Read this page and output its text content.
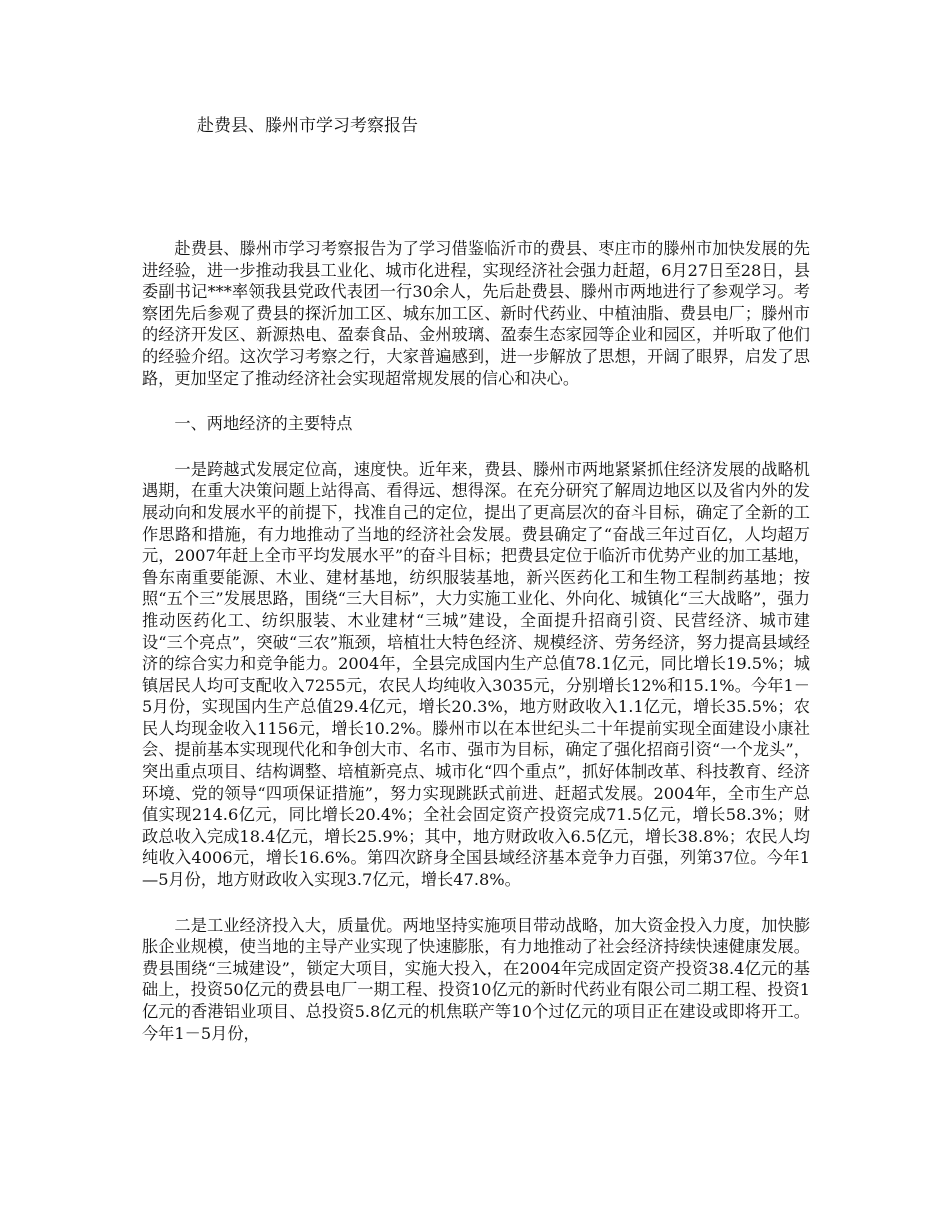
赴费县、滕州市学习考察报告

赴费县、滕州市学习考察报告为了学习借鉴临沂市的费县、枣庄市的滕州市加快发展的先进经验，进一步推动我县工业化、城市化进程，实现经济社会强力赶超，6月27日至28日，县委副书记***率领我县党政代表团一行30余人，先后赴费县、滕州市两地进行了参观学习。考察团先后参观了费县的探沂加工区、城东加工区、新时代药业、中植油脂、费县电厂；滕州市的经济开发区、新源热电、盈泰食品、金州玻璃、盈泰生态家园等企业和园区，并听取了他们的经验介绍。这次学习考察之行，大家普遍感到，进一步解放了思想，开阔了眼界，启发了思路，更加坚定了推动经济社会实现超常规发展的信心和决心。

一、两地经济的主要特点

一是跨越式发展定位高，速度快。近年来，费县、滕州市两地紧紧抓住经济发展的战略机遇期，在重大决策问题上站得高、看得远、想得深。在充分研究了解周边地区以及省内外的发展动向和发展水平的前提下，找准自己的定位，提出了更高层次的奋斗目标，确定了全新的工作思路和措施，有力地推动了当地的经济社会发展。费县确定了“奋战三年过百亿，人均超万元，2007年赶上全市平均发展水平”的奋斗目标；把费县定位于临沂市优势产业的加工基地，鲁东南重要能源、木业、建材基地，纺织服装基地，新兴医药化工和生物工程制药基地；按照“五个三”发展思路，围绕“三大目标”，大力实施工业化、外向化、城镇化“三大战略”，强力推动医药化工、纺织服装、木业建材“三城”建设，全面提升招商引资、民营经济、城市建设“三个亮点”，突破“三农”瓶颈，培植壮大特色经济、规模经济、劳务经济，努力提高县域经济的综合实力和竞争能力。2004年，全县完成国内生产总值78.1亿元，同比增长19.5%；城镇居民人均可支配收入7255元，农民人均纯收入3035元，分别增长12%和15.1%。今年1－5月份，实现国内生产总值29.4亿元，增长20.3%，地方财政收入1.1亿元，增长35.5%；农民人均现金收入1156元，增长10.2%。滕州市以在本世纪头二十年提前实现全面建设小康社会、提前基本实现现代化和争创大市、名市、强市为目标，确定了强化招商引资“一个龙头”，突出重点项目、结构调整、培植新亮点、城市化“四个重点”，抓好体制改革、科技教育、经济环境、党的领导“四项保证措施”，努力实现跳跃式前进、赶超式发展。2004年，全市生产总值实现214.6亿元，同比增长20.4%；全社会固定资产投资完成71.5亿元，增长58.3%；财政总收入完成18.4亿元，增长25.9%；其中，地方财政收入6.5亿元，增长38.8%；农民人均纯收入4006元，增长16.6%。第四次跻身全国县域经济基本竞争力百强，列第37位。今年1—5月份，地方财政收入实现3.7亿元，增长47.8%。

二是工业经济投入大，质量优。两地坚持实施项目带动战略，加大资金投入力度，加快膨胀企业规模，使当地的主导产业实现了快速膨胀，有力地推动了社会经济持续快速健康发展。费县围绕“三城建设”，锁定大项目，实施大投入，在2004年完成固定资产投资38.4亿元的基础上，投资50亿元的费县电厂一期工程、投资10亿元的新时代药业有限公司二期工程、投资1亿元的香港铝业项目、总投资5.8亿元的机焦联产等10个过亿元的项目正在建设或即将开工。今年1－5月份，
